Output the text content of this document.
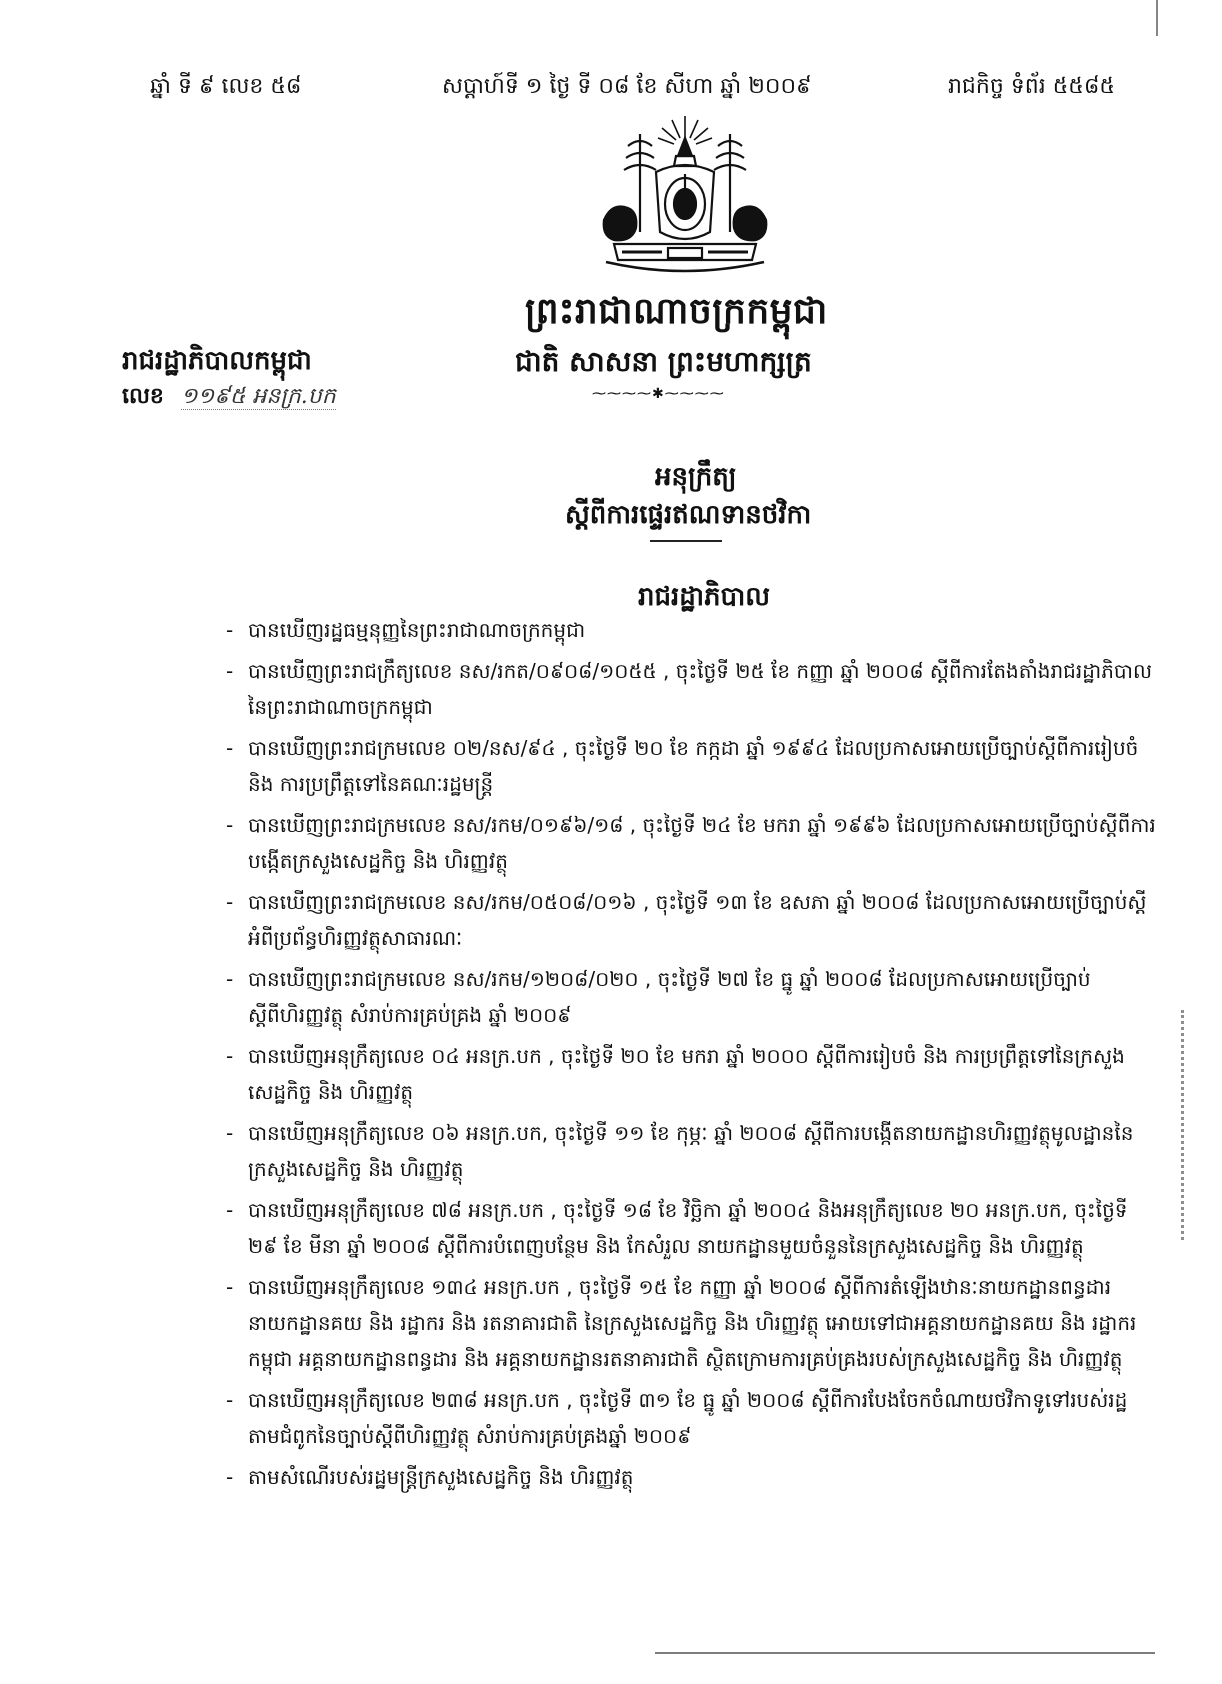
ឆ្នាំ ទី ៩ លេខ ៥៨	សប្តាហ៍ទី ១ ថ្ងៃ ទី ០៨ ខែ សីហា ឆ្នាំ ២០០៩	រាជកិច្ច ទំព័រ ៥៥៨៥
ព្រះរាជាណាចក្រកម្ពុជា
ជាតិ សាសនា ព្រះមហាក្សត្រ
⁓⁓⁓⁓✱⁓⁓⁓⁓
រាជរដ្ឋាភិបាលកម្ពុជា
លេខ ១១៩៥ អនក្រ.បក
អនុក្រឹត្យ
ស្តីពីការផ្ទេរឥណទានថវិកា
រាជរដ្ឋាភិបាល
- បានឃើញរដ្ឋធម្មនុញ្ញនៃព្រះរាជាណាចក្រកម្ពុជា
- បានឃើញព្រះរាជក្រឹត្យលេខ នស/រកត/០៩០៨/១០៥៥ , ចុះថ្ងៃទី ២៥ ខែ កញ្ញា ឆ្នាំ ២០០៨ ស្តីពីការតែងតាំងរាជរដ្ឋាភិបាល នៃព្រះរាជាណាចក្រកម្ពុជា
- បានឃើញព្រះរាជក្រមលេខ ០២/នស/៩៤ , ចុះថ្ងៃទី ២០ ខែ កក្កដា ឆ្នាំ ១៩៩៤ ដែលប្រកាសអោយប្រើច្បាប់ស្តីពីការរៀបចំ និង ការប្រព្រឹត្តទៅនៃគណៈរដ្ឋមន្ត្រី
- បានឃើញព្រះរាជក្រមលេខ នស/រកម/០១៩៦/១៨ , ចុះថ្ងៃទី ២៤ ខែ មករា ឆ្នាំ ១៩៩៦ ដែលប្រកាសអោយប្រើច្បាប់ស្តីពីការបង្កើតក្រសួងសេដ្ឋកិច្ច និង ហិរញ្ញវត្ថុ
- បានឃើញព្រះរាជក្រមលេខ នស/រកម/០៥០៨/០១៦ , ចុះថ្ងៃទី ១៣ ខែ ឧសភា ឆ្នាំ ២០០៨ ដែលប្រកាសអោយប្រើច្បាប់ស្តីអំពីប្រព័ន្ធហិរញ្ញវត្ថុសាធារណៈ
- បានឃើញព្រះរាជក្រមលេខ នស/រកម/១២០៨/០២០ , ចុះថ្ងៃទី ២៧ ខែ ធ្នូ ឆ្នាំ ២០០៨ ដែលប្រកាសអោយប្រើច្បាប់ស្តីពីហិរញ្ញវត្ថុ សំរាប់ការគ្រប់គ្រង ឆ្នាំ ២០០៩
- បានឃើញអនុក្រឹត្យលេខ ០៤ អនក្រ.បក , ចុះថ្ងៃទី ២០ ខែ មករា ឆ្នាំ ២០០០ ស្តីពីការរៀបចំ និង ការប្រព្រឹត្តទៅនៃក្រសួង សេដ្ឋកិច្ច និង ហិរញ្ញវត្ថុ
- បានឃើញអនុក្រឹត្យលេខ ០៦ អនក្រ.បក, ចុះថ្ងៃទី ១១ ខែ កុម្ភៈ ឆ្នាំ ២០០៨ ស្តីពីការបង្កើតនាយកដ្ឋានហិរញ្ញវត្ថុមូលដ្ឋាននៃក្រសួងសេដ្ឋកិច្ច និង ហិរញ្ញវត្ថុ
- បានឃើញអនុក្រឹត្យលេខ ៧៨ អនក្រ.បក , ចុះថ្ងៃទី ១៨ ខែ វិច្ឆិកា ឆ្នាំ ២០០៤ និងអនុក្រឹត្យលេខ ២០ អនក្រ.បក, ចុះថ្ងៃទី ២៩ ខែ មីនា ឆ្នាំ ២០០៨ ស្តីពីការបំពេញបន្ថែម និង កែសំរួល នាយកដ្ឋានមួយចំនួននៃក្រសួងសេដ្ឋកិច្ច និង ហិរញ្ញវត្ថុ
- បានឃើញអនុក្រឹត្យលេខ ១៣៤ អនក្រ.បក , ចុះថ្ងៃទី ១៥ ខែ កញ្ញា ឆ្នាំ ២០០៨ ស្តីពីការតំឡើងឋានៈនាយកដ្ឋានពន្ធដារ នាយកដ្ឋានគយ និង រដ្ឋាករ និង រតនាគារជាតិ នៃក្រសួងសេដ្ឋកិច្ច និង ហិរញ្ញវត្ថុ អោយទៅជាអគ្គនាយកដ្ឋានគយ និង រដ្ឋាករកម្ពុជា អគ្គនាយកដ្ឋានពន្ធដារ និង អគ្គនាយកដ្ឋានរតនាគារជាតិ ស្ថិតក្រោមការគ្រប់គ្រងរបស់ក្រសួងសេដ្ឋកិច្ច និង ហិរញ្ញវត្ថុ
- បានឃើញអនុក្រឹត្យលេខ ២៣៨ អនក្រ.បក , ចុះថ្ងៃទី ៣១ ខែ ធ្នូ ឆ្នាំ ២០០៨ ស្តីពីការបែងចែកចំណាយថវិកាទូទៅរបស់រដ្ឋតាមជំពូកនៃច្បាប់ស្តីពីហិរញ្ញវត្ថុ សំរាប់ការគ្រប់គ្រងឆ្នាំ ២០០៩
- តាមសំណើរបស់រដ្ឋមន្ត្រីក្រសួងសេដ្ឋកិច្ច និង ហិរញ្ញវត្ថុ
